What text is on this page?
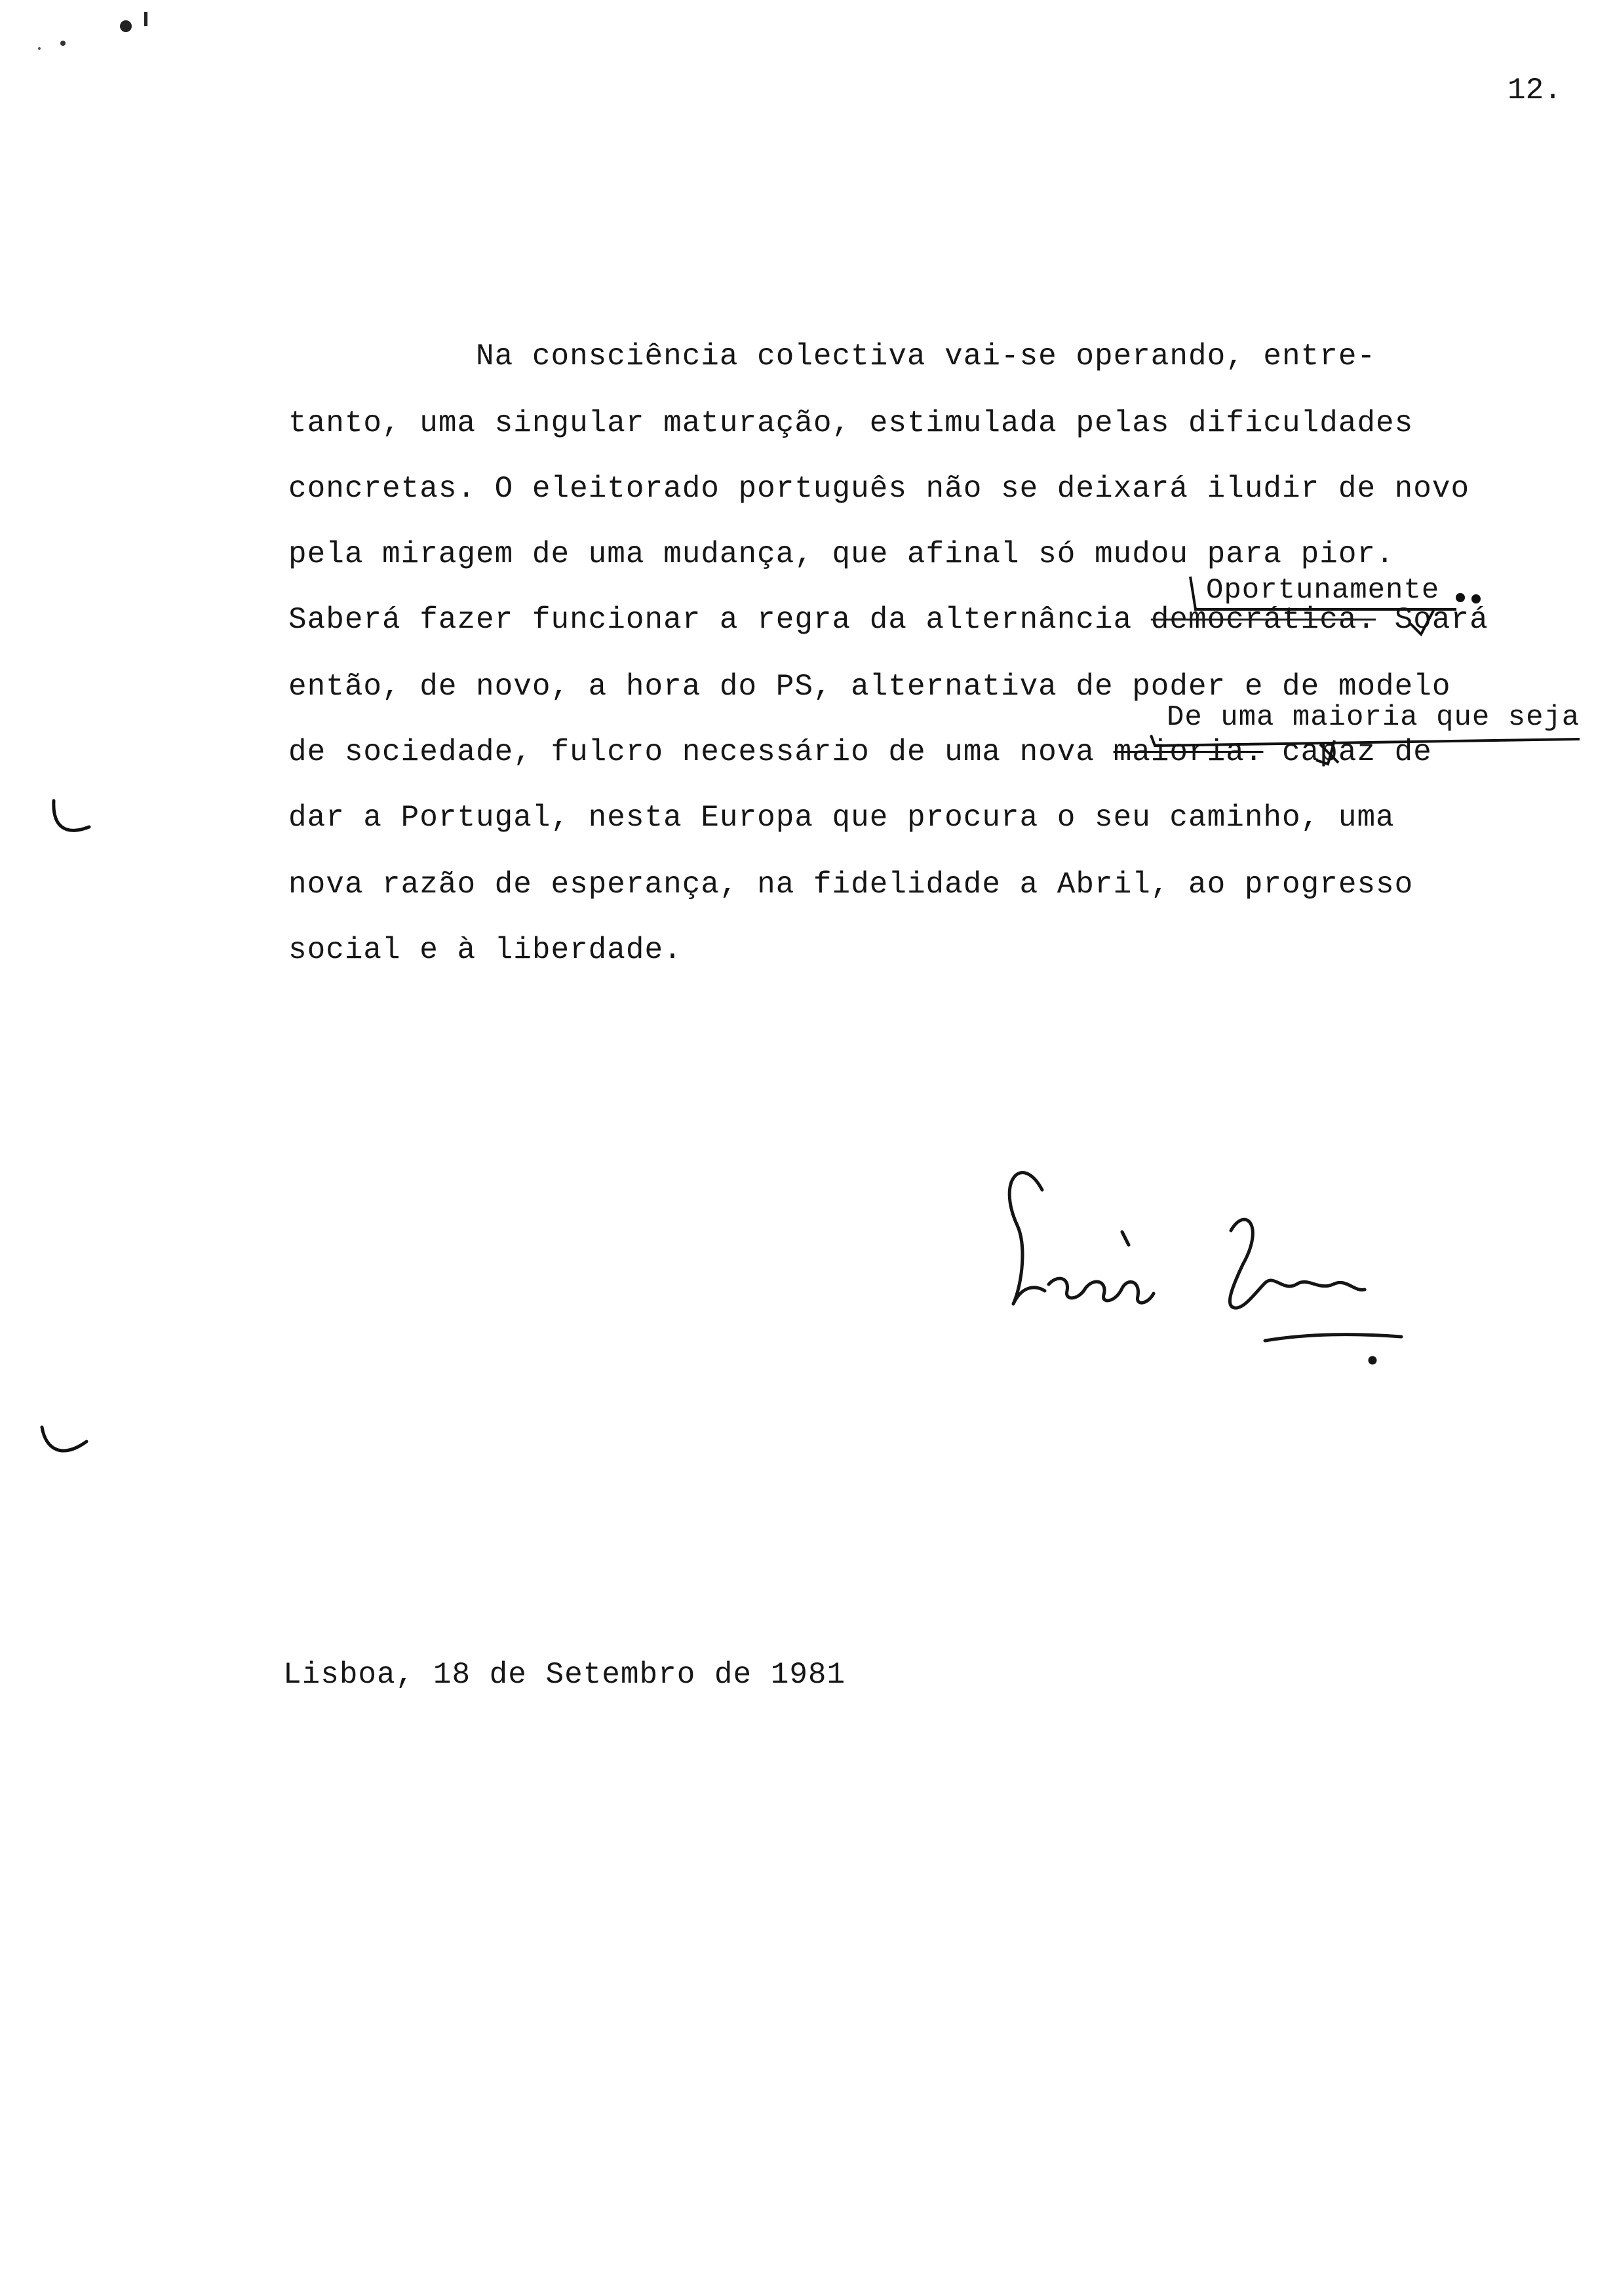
12.
Na consciência colectiva vai-se operando, entre-
tanto, uma singular maturação, estimulada pelas dificuldades
concretas. O eleitorado português não se deixará iludir de novo
pela miragem de uma mudança, que afinal só mudou para pior.
Saberá fazer funcionar a regra da alternância democrática. Soará
então, de novo, a hora do PS, alternativa de poder e de modelo
de sociedade, fulcro necessário de uma nova maioria. capaz de
dar a Portugal, nesta Europa que procura o seu caminho, uma
nova razão de esperança, na fidelidade a Abril, ao progresso
social e à liberdade.
Oportunamente
De uma maioria que seja
Lisboa, 18 de Setembro de 1981
